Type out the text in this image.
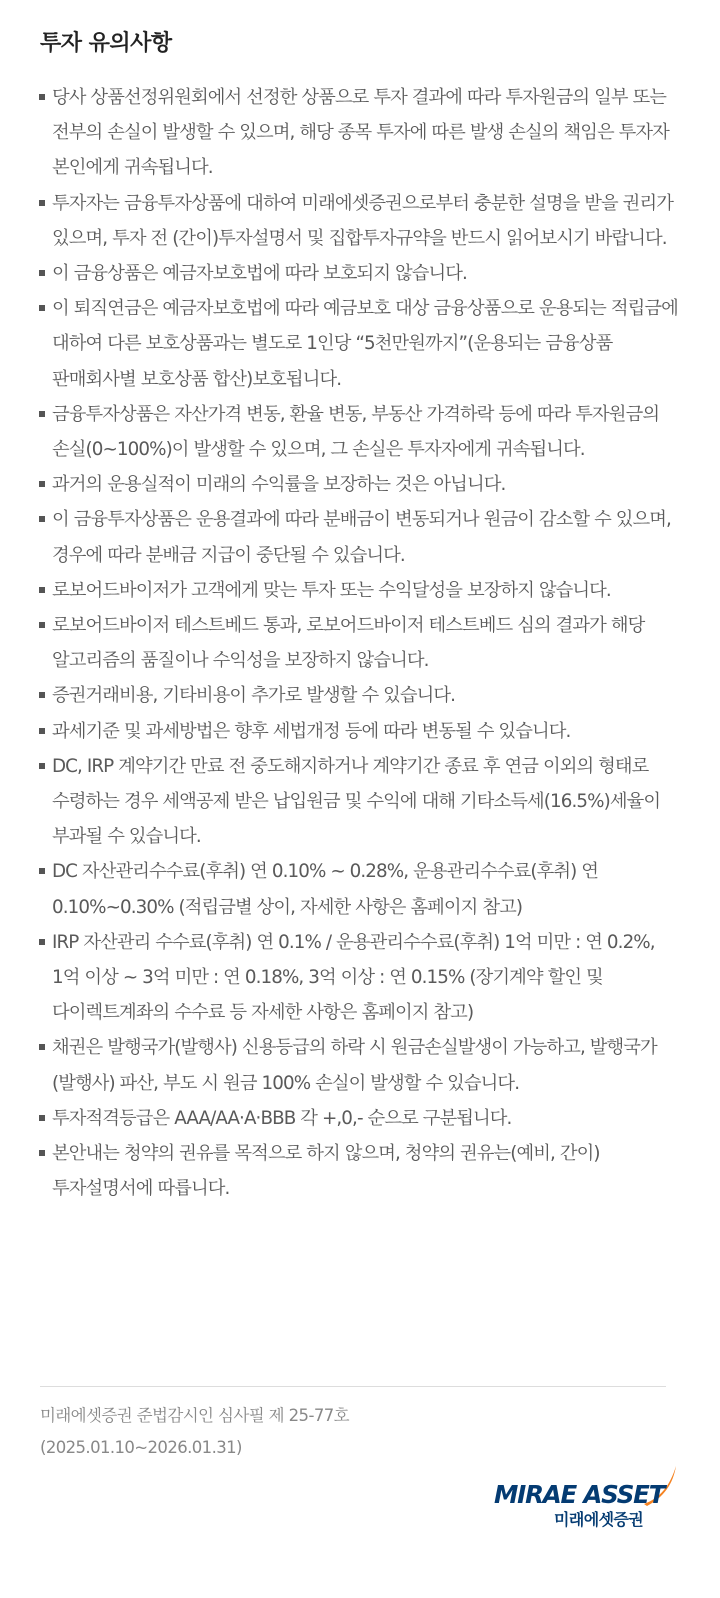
투자 유의사항
당사 상품선정위원회에서 선정한 상품으로 투자 결과에 따라 투자원금의 일부 또는 전부의 손실이 발생할 수 있으며, 해당 종목 투자에 따른 발생 손실의 책임은 투자자 본인에게 귀속됩니다.
투자자는 금융투자상품에 대하여 미래에셋증권으로부터 충분한 설명을 받을 권리가 있으며, 투자 전 (간이)투자설명서 및 집합투자규약을 반드시 읽어보시기 바랍니다.
이 금융상품은 예금자보호법에 따라 보호되지 않습니다.
이 퇴직연금은 예금자보호법에 따라 예금보호 대상 금융상품으로 운용되는 적립금에 대하여 다른 보호상품과는 별도로 1인당 “5천만원까지”(운용되는 금융상품 판매회사별 보호상품 합산)보호됩니다.
금융투자상품은 자산가격 변동, 환율 변동, 부동산 가격하락 등에 따라 투자원금의 손실(0~100%)이 발생할 수 있으며, 그 손실은 투자자에게 귀속됩니다.
과거의 운용실적이 미래의 수익률을 보장하는 것은 아닙니다.
이 금융투자상품은 운용결과에 따라 분배금이 변동되거나 원금이 감소할 수 있으며, 경우에 따라 분배금 지급이 중단될 수 있습니다.
로보어드바이저가 고객에게 맞는 투자 또는 수익달성을 보장하지 않습니다.
로보어드바이저 테스트베드 통과, 로보어드바이저 테스트베드 심의 결과가 해당 알고리즘의 품질이나 수익성을 보장하지 않습니다.
증권거래비용, 기타비용이 추가로 발생할 수 있습니다.
과세기준 및 과세방법은 향후 세법개정 등에 따라 변동될 수 있습니다.
DC, IRP 계약기간 만료 전 중도해지하거나 계약기간 종료 후 연금 이외의 형태로 수령하는 경우 세액공제 받은 납입원금 및 수익에 대해 기타소득세(16.5%)세율이 부과될 수 있습니다.
DC 자산관리수수료(후취) 연 0.10% ~ 0.28%, 운용관리수수료(후취) 연 0.10%~0.30% (적립금별 상이, 자세한 사항은 홈페이지 참고)
IRP 자산관리 수수료(후취) 연 0.1% / 운용관리수수료(후취) 1억 미만 : 연 0.2%, 1억 이상 ~ 3억 미만 : 연 0.18%, 3억 이상 : 연 0.15% (장기계약 할인 및 다이렉트계좌의 수수료 등 자세한 사항은 홈페이지 참고)
채권은 발행국가(발행사) 신용등급의 하락 시 원금손실발생이 가능하고, 발행국가(발행사) 파산, 부도 시 원금 100% 손실이 발생할 수 있습니다.
투자적격등급은 AAA/AA·A·BBB 각 +,0,- 순으로 구분됩니다.
본안내는 청약의 권유를 목적으로 하지 않으며, 청약의 권유는(예비, 간이)투자설명서에 따릅니다.

미래에셋증권 준법감시인 심사필 제 25-77호

(2025.01.10~2026.01.31)

MIRAE ASSET
미래에셋증권
